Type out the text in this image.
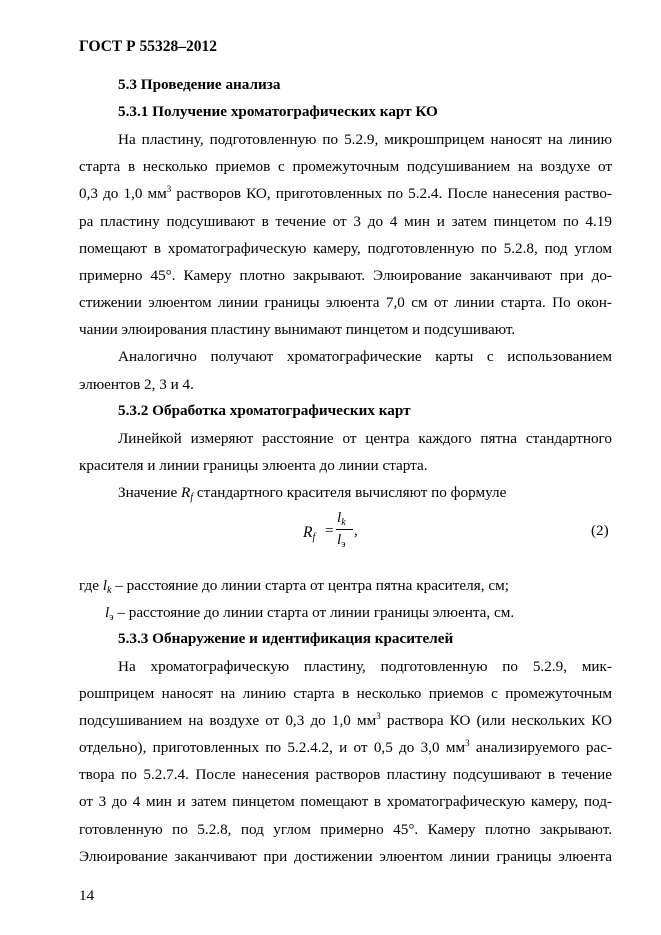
ГОСТ Р 55328–2012
5.3 Проведение анализа
5.3.1 Получение хроматографических карт КО
На пластину, подготовленную по 5.2.9, микрошприцем наносят на линию
старта в несколько приемов с промежуточным подсушиванием на воздухе от
0,3 до 1,0 $мм^3$ растворов КО, приготовленных по 5.2.4. После нанесения раство-
ра пластину подсушивают в течение от 3 до 4 мин и затем пинцетом по 4.19
помещают в хроматографическую камеру, подготовленную по 5.2.8, под углом
примерно 45°. Камеру плотно закрывают. Элюирование заканчивают при до-
стижении элюентом линии границы элюента 7,0 см от линии старта. По окон-
чании элюирования пластину вынимают пинцетом и подсушивают.
Аналогично получают хроматографические карты с использованием
элюентов 2, 3 и 4.
5.3.2 Обработка хроматографических карт
Линейкой измеряют расстояние от центра каждого пятна стандартного
красителя и линии границы элюента до линии старта.
Значение $R_f$ стандартного красителя вычисляют по формуле
$R_f$ =
$l_k$
$l_э$
,	(2)
где $l_k$ – расстояние до линии старта от центра пятна красителя, см;
$l_э$ – расстояние до линии старта от линии границы элюента, см.
5.3.3 Обнаружение и идентификация красителей
На хроматографическую пластину, подготовленную по 5.2.9, мик-
рошприцем наносят на линию старта в несколько приемов с промежуточным
подсушиванием на воздухе от 0,3 до 1,0 $мм^3$ раствора КО (или нескольких КО
отдельно), приготовленных по 5.2.4.2, и от 0,5 до 3,0 $мм^3$ анализируемого рас-
твора по 5.2.7.4. После нанесения растворов пластину подсушивают в течение
от 3 до 4 мин и затем пинцетом помещают в хроматографическую камеру, под-
готовленную по 5.2.8, под углом примерно 45°. Камеру плотно закрывают.
Элюирование заканчивают при достижении элюентом линии границы элюента
14
